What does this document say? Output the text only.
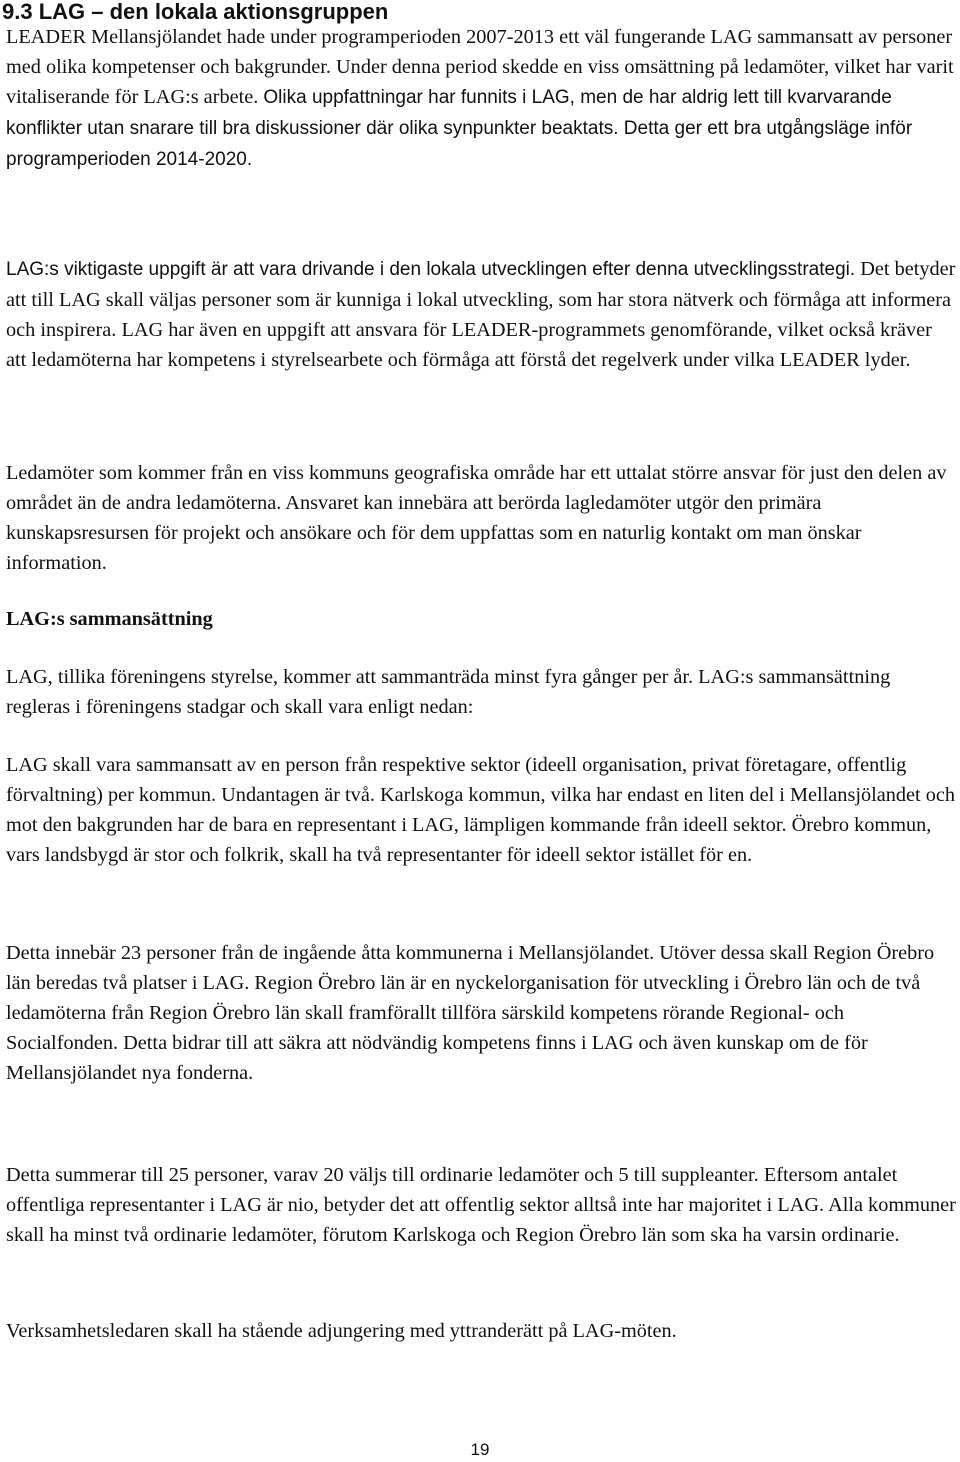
9.3 LAG – den lokala aktionsgruppen

LEADER Mellansjölandet hade under programperioden 2007-2013 ett väl fungerande LAG sammansatt av personer med olika kompetenser och bakgrunder. Under denna period skedde en viss omsättning på ledamöter, vilket har varit vitaliserande för LAG:s arbete. Olika uppfattningar har funnits i LAG, men de har aldrig lett till kvarvarande konflikter utan snarare till bra diskussioner där olika synpunkter beaktats. Detta ger ett bra utgångsläge inför programperioden 2014-2020.

LAG:s viktigaste uppgift är att vara drivande i den lokala utvecklingen efter denna utvecklingsstrategi. Det betyder att till LAG skall väljas personer som är kunniga i lokal utveckling, som har stora nätverk och förmåga att informera och inspirera. LAG har även en uppgift att ansvara för LEADER-programmets genomförande, vilket också kräver att ledamöterna har kompetens i styrelsearbete och förmåga att förstå det regelverk under vilka LEADER lyder.

Ledamöter som kommer från en viss kommuns geografiska område har ett uttalat större ansvar för just den delen av området än de andra ledamöterna. Ansvaret kan innebära att berörda lagledamöter utgör den primära kunskapsresursen för projekt och ansökare och för dem uppfattas som en naturlig kontakt om man önskar information.

LAG:s sammansättning

LAG, tillika föreningens styrelse, kommer att sammanträda minst fyra gånger per år. LAG:s sammansättning regleras i föreningens stadgar och skall vara enligt nedan:

LAG skall vara sammansatt av en person från respektive sektor (ideell organisation, privat företagare, offentlig förvaltning) per kommun. Undantagen är två. Karlskoga kommun, vilka har endast en liten del i Mellansjölandet och mot den bakgrunden har de bara en representant i LAG, lämpligen kommande från ideell sektor. Örebro kommun, vars landsbygd är stor och folkrik, skall ha två representanter för ideell sektor istället för en.

Detta innebär 23 personer från de ingående åtta kommunerna i Mellansjölandet. Utöver dessa skall Region Örebro län beredas två platser i LAG. Region Örebro län är en nyckelorganisation för utveckling i Örebro län och de två ledamöterna från Region Örebro län skall framförallt tillföra särskild kompetens rörande Regional- och Socialfonden. Detta bidrar till att säkra att nödvändig kompetens finns i LAG och även kunskap om de för Mellansjölandet nya fonderna.

Detta summerar till 25 personer, varav 20 väljs till ordinarie ledamöter och 5 till suppleanter. Eftersom antalet offentliga representanter i LAG är nio, betyder det att offentlig sektor alltså inte har majoritet i LAG. Alla kommuner skall ha minst två ordinarie ledamöter, förutom Karlskoga och Region Örebro län som ska ha varsin ordinarie.

Verksamhetsledaren skall ha stående adjungering med yttranderätt på LAG-möten.

19
